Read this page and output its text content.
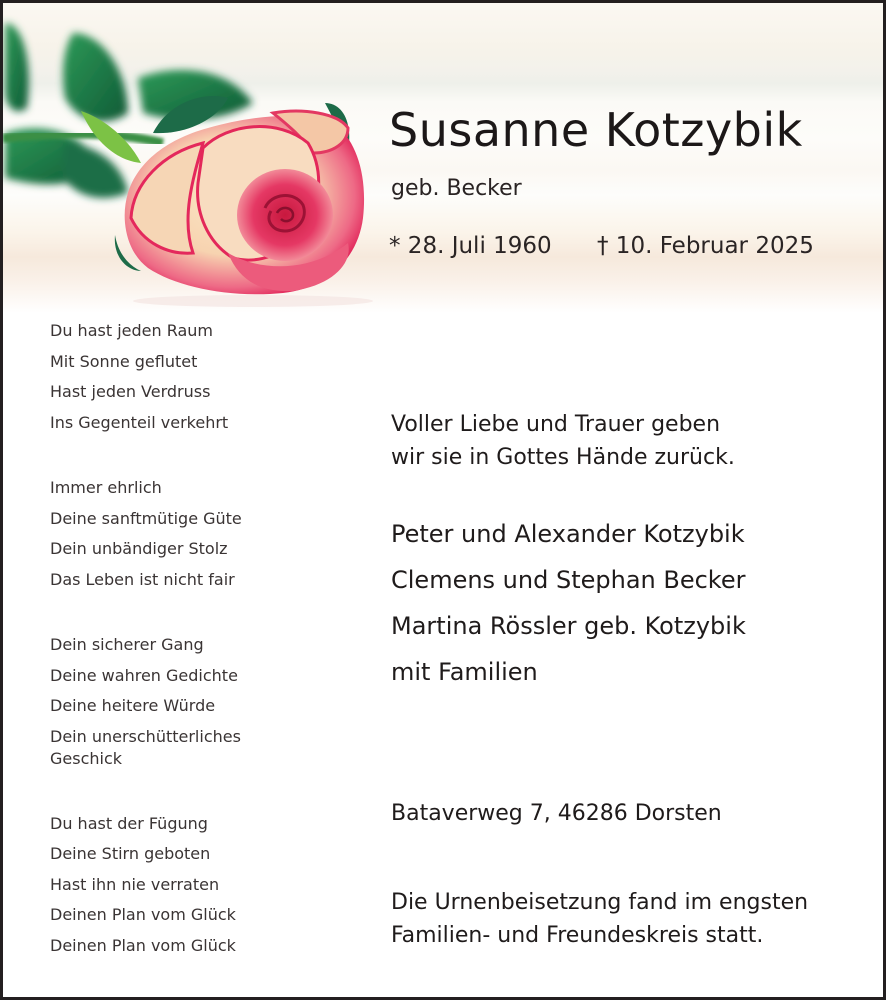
Susanne Kotzybik
geb. Becker
* 28. Juli 1960 † 10. Februar 2025
Du hast jeden Raum
Mit Sonne geflutet
Hast jeden Verdruss
Ins Gegenteil verkehrt
Immer ehrlich
Deine sanftmütige Güte
Dein unbändiger Stolz
Das Leben ist nicht fair
Dein sicherer Gang
Deine wahren Gedichte
Deine heitere Würde
Dein unerschütterliches Geschick
Du hast der Fügung
Deine Stirn geboten
Hast ihn nie verraten
Deinen Plan vom Glück
Deinen Plan vom Glück
Voller Liebe und Trauer geben
wir sie in Gottes Hände zurück.
Peter und Alexander Kotzybik
Clemens und Stephan Becker
Martina Rössler geb. Kotzybik
mit Familien
Bataverweg 7, 46286 Dorsten
Die Urnenbeisetzung fand im engsten
Familien- und Freundeskreis statt.
